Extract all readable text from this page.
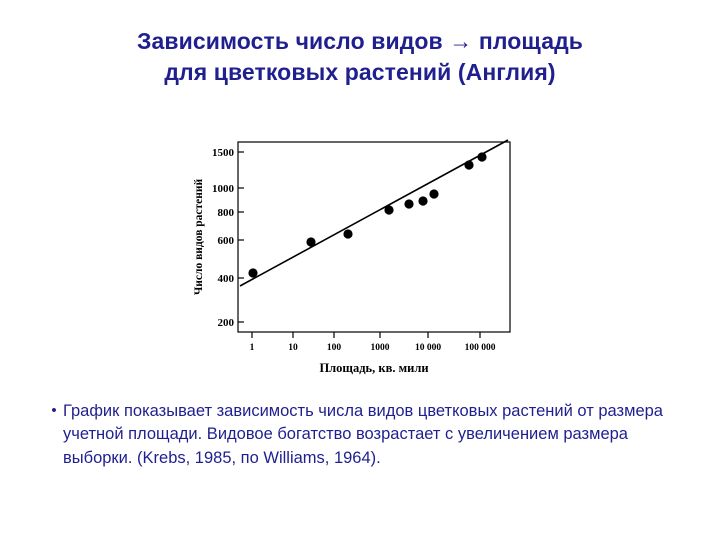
Зависимость число видов → площадь
для цветковых растений (Англия)
1500
1000
800
600
400
200
1	10	100	1000	10 000 100 000
Число видов растений
Площадь, кв. мили
• График показывает зависимость числа видов цветковых растений от размера учетной площади. Видовое богатство возрастает с увеличением размера выборки. (Krebs, 1985, по Williams, 1964).
